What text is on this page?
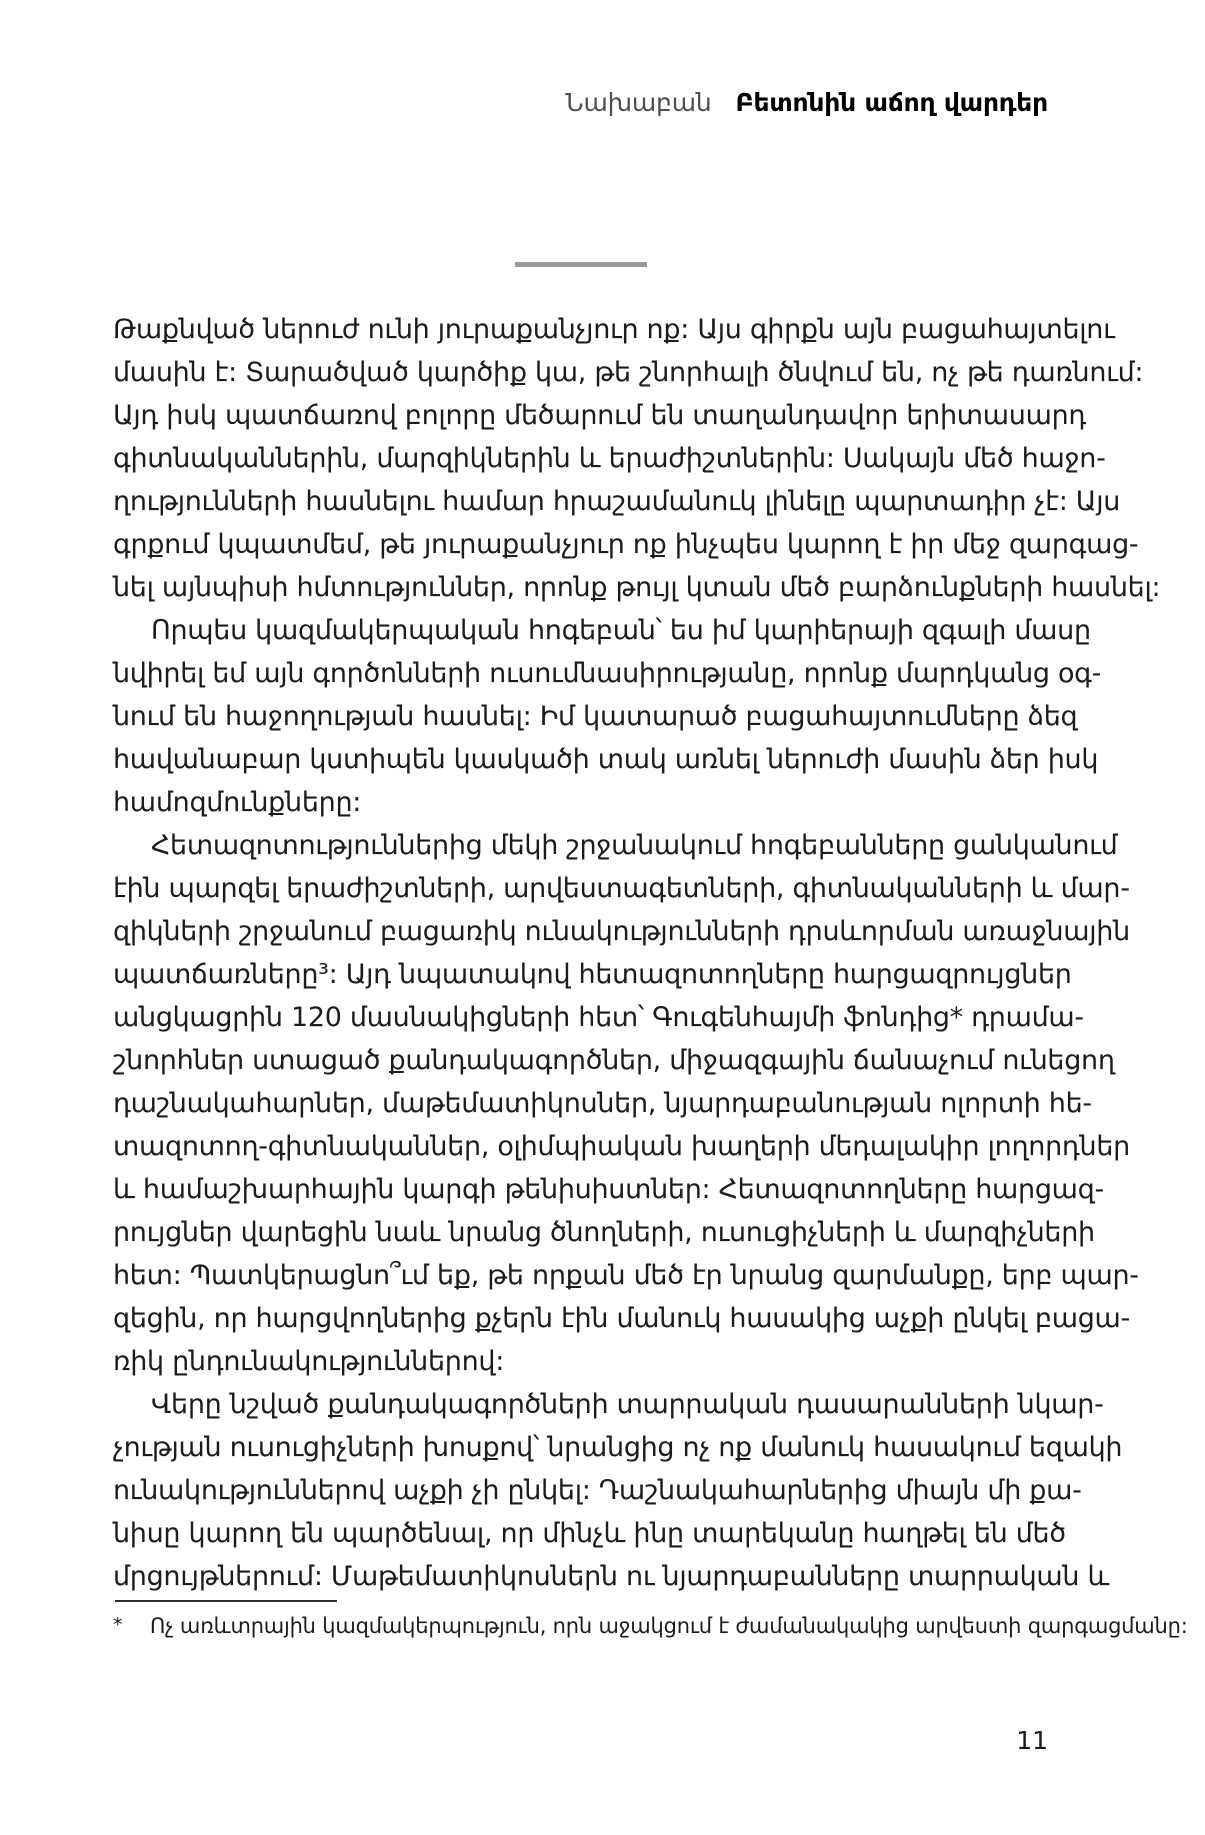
Նախաբան Բետոնին աճող վարդեր
Թաքնված ներուժ ունի յուրաքանչյուր ոք: Այս գիրքն այն բացահայտելու
մասին է: Տարածված կարծիք կա, թե շնորհալի ծնվում են, ոչ թե դառնում:
Այդ իսկ պատճառով բոլորը մեծարում են տաղանդավոր երիտասարդ
գիտնականներին, մարզիկներին և երաժիշտներին: Սակայն մեծ հաջո-
ղությունների հասնելու համար հրաշամանուկ լինելը պարտադիր չէ: Այս
գրքում կպատմեմ, թե յուրաքանչյուր ոք ինչպես կարող է իր մեջ զարգաց-
նել այնպիսի հմտություններ, որոնք թույլ կտան մեծ բարձունքների հասնել:
Որպես կազմակերպական հոգեբան՝ ես իմ կարիերայի զգալի մասը
նվիրել եմ այն գործոնների ուսումնասիրությանը, որոնք մարդկանց օգ-
նում են հաջողության հասնել: Իմ կատարած բացահայտումները ձեզ
հավանաբար կստիպեն կասկածի տակ առնել ներուժի մասին ձեր իսկ
համոզմունքները:
Հետազոտություններից մեկի շրջանակում հոգեբանները ցանկանում
էին պարզել երաժիշտների, արվեստագետների, գիտնականների և մար-
զիկների շրջանում բացառիկ ունակությունների դրսևորման առաջնային
պատճառները³: Այդ նպատակով հետազոտողները հարցազրույցներ
անցկացրին 120 մասնակիցների հետ՝ Գուգենհայմի ֆոնդից* դրամա-
շնորհներ ստացած քանդակագործներ, միջազգային ճանաչում ունեցող
դաշնակահարներ, մաթեմատիկոսներ, նյարդաբանության ոլորտի հե-
տազոտող-գիտնականներ, օլիմպիական խաղերի մեդալակիր լողորդներ
և համաշխարհային կարգի թենիսիստներ: Հետազոտողները հարցազ-
րույցներ վարեցին նաև նրանց ծնողների, ուսուցիչների և մարզիչների
հետ: Պատկերացնո՞ւմ եք, թե որքան մեծ էր նրանց զարմանքը, երբ պար-
զեցին, որ հարցվողներից քչերն էին մանուկ հասակից աչքի ընկել բացա-
ռիկ ընդունակություններով:
Վերը նշված քանդակագործների տարրական դասարանների նկար-
չության ուսուցիչների խոսքով՝ նրանցից ոչ ոք մանուկ հասակում եզակի
ունակություններով աչքի չի ընկել: Դաշնակահարներից միայն մի քա-
նիսը կարող են պարծենալ, որ մինչև ինը տարեկանը հաղթել են մեծ
մրցույթներում: Մաթեմատիկոսներն ու նյարդաբանները տարրական և
*	Ոչ առևտրային կազմակերպություն, որն աջակցում է ժամանակակից արվեստի զարգացմանը:
11
